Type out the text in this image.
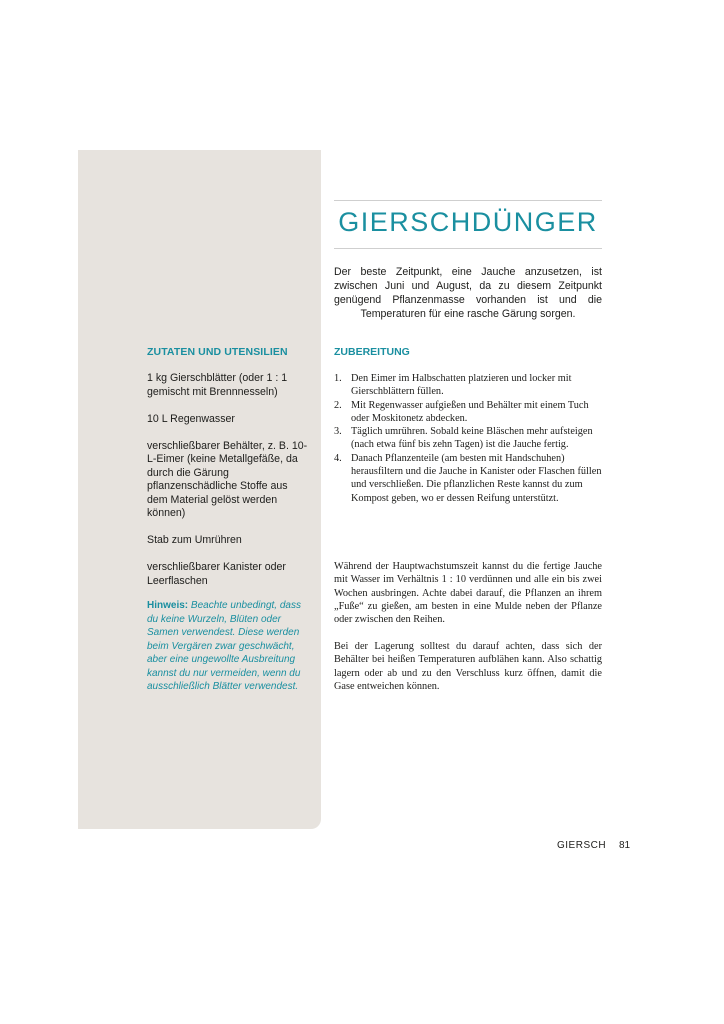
ZUTATEN UND UTENSILIEN
1 kg Gierschblätter (oder 1 : 1 gemischt mit Brennnesseln)
10 L Regenwasser
verschließbarer Behälter, z. B. 10-L-Eimer (keine Metallgefäße, da durch die Gärung pflanzenschädliche Stoffe aus dem Material gelöst werden können)
Stab zum Umrühren
verschließbarer Kanister oder Leerflaschen
Hinweis: Beachte unbedingt, dass du keine Wurzeln, Blüten oder Samen verwendest. Diese werden beim Vergären zwar geschwächt, aber eine ungewollte Ausbreitung kannst du nur vermeiden, wenn du ausschließlich Blätter verwendest.
GIERSCHDÜNGER
Der beste Zeitpunkt, eine Jauche anzusetzen, ist zwischen Juni und August, da zu diesem Zeitpunkt genügend Pflanzenmasse vorhanden ist und die Temperaturen für eine rasche Gärung sorgen.
ZUBEREITUNG
1. Den Eimer im Halbschatten platzieren und locker mit Gierschblättern füllen.
2. Mit Regenwasser aufgießen und Behälter mit einem Tuch oder Moskitonetz abdecken.
3. Täglich umrühren. Sobald keine Bläschen mehr aufsteigen (nach etwa fünf bis zehn Tagen) ist die Jauche fertig.
4. Danach Pflanzenteile (am besten mit Handschuhen) herausfiltern und die Jauche in Kanister oder Flaschen füllen und verschließen. Die pflanzlichen Reste kannst du zum Kompost geben, wo er dessen Reifung unterstützt.
Während der Hauptwachstumszeit kannst du die fertige Jauche mit Wasser im Verhältnis 1 : 10 verdünnen und alle ein bis zwei Wochen ausbringen. Achte dabei darauf, die Pflanzen an ihrem „Fuße“ zu gießen, am besten in eine Mulde neben der Pflanze oder zwischen den Reihen.
Bei der Lagerung solltest du darauf achten, dass sich der Behälter bei heißen Temperaturen aufblähen kann. Also schattig lagern oder ab und zu den Verschluss kurz öffnen, damit die Gase entweichen können.
GIERSCH 81
